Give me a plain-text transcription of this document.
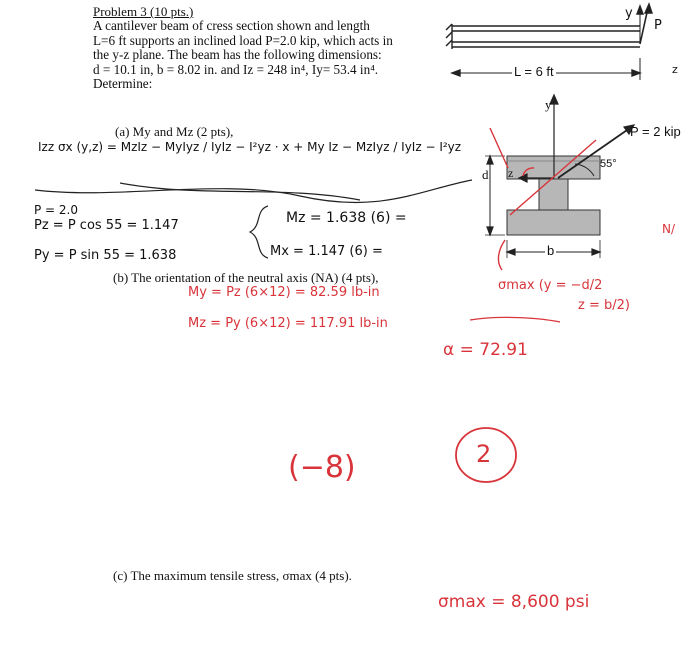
Problem 3 (10 pts.)
A cantilever beam of cress section shown and length
L=6 ft supports an inclined load P=2.0 kip, which acts in
the y-z plane. The beam has the following dimensions:
d = 10.1 in, b = 8.02 in. and Iz = 248 in⁴, Iy= 53.4 in⁴.
Determine:
(a) My and Mz (2 pts),
(b) The orientation of the neutral axis (NA) (4 pts),
(c) The maximum tensile stress, σmax (4 pts).
y
P
L = 6 ft	z
y
z
d
b
P = 2 kip
55°
Izz σx (y,z) = MzIz − MyIyz / IyIz − I²yz · x + My Iz − MzIyz / IyIz − I²yz
P = 2.0
Pz = P cos 55 = 1.147
Py = P sin 55 = 1.638
Mz = 1.638 (6) =
Mx = 1.147 (6) =
My = Pz (6×12) = 82.59 lb-in
Mz = Py (6×12) = 117.91 lb-in
α = 72.91
(−8)	2
σmax (y = −d/2
z = b/2)
σmax = 8,600 psi
N/
